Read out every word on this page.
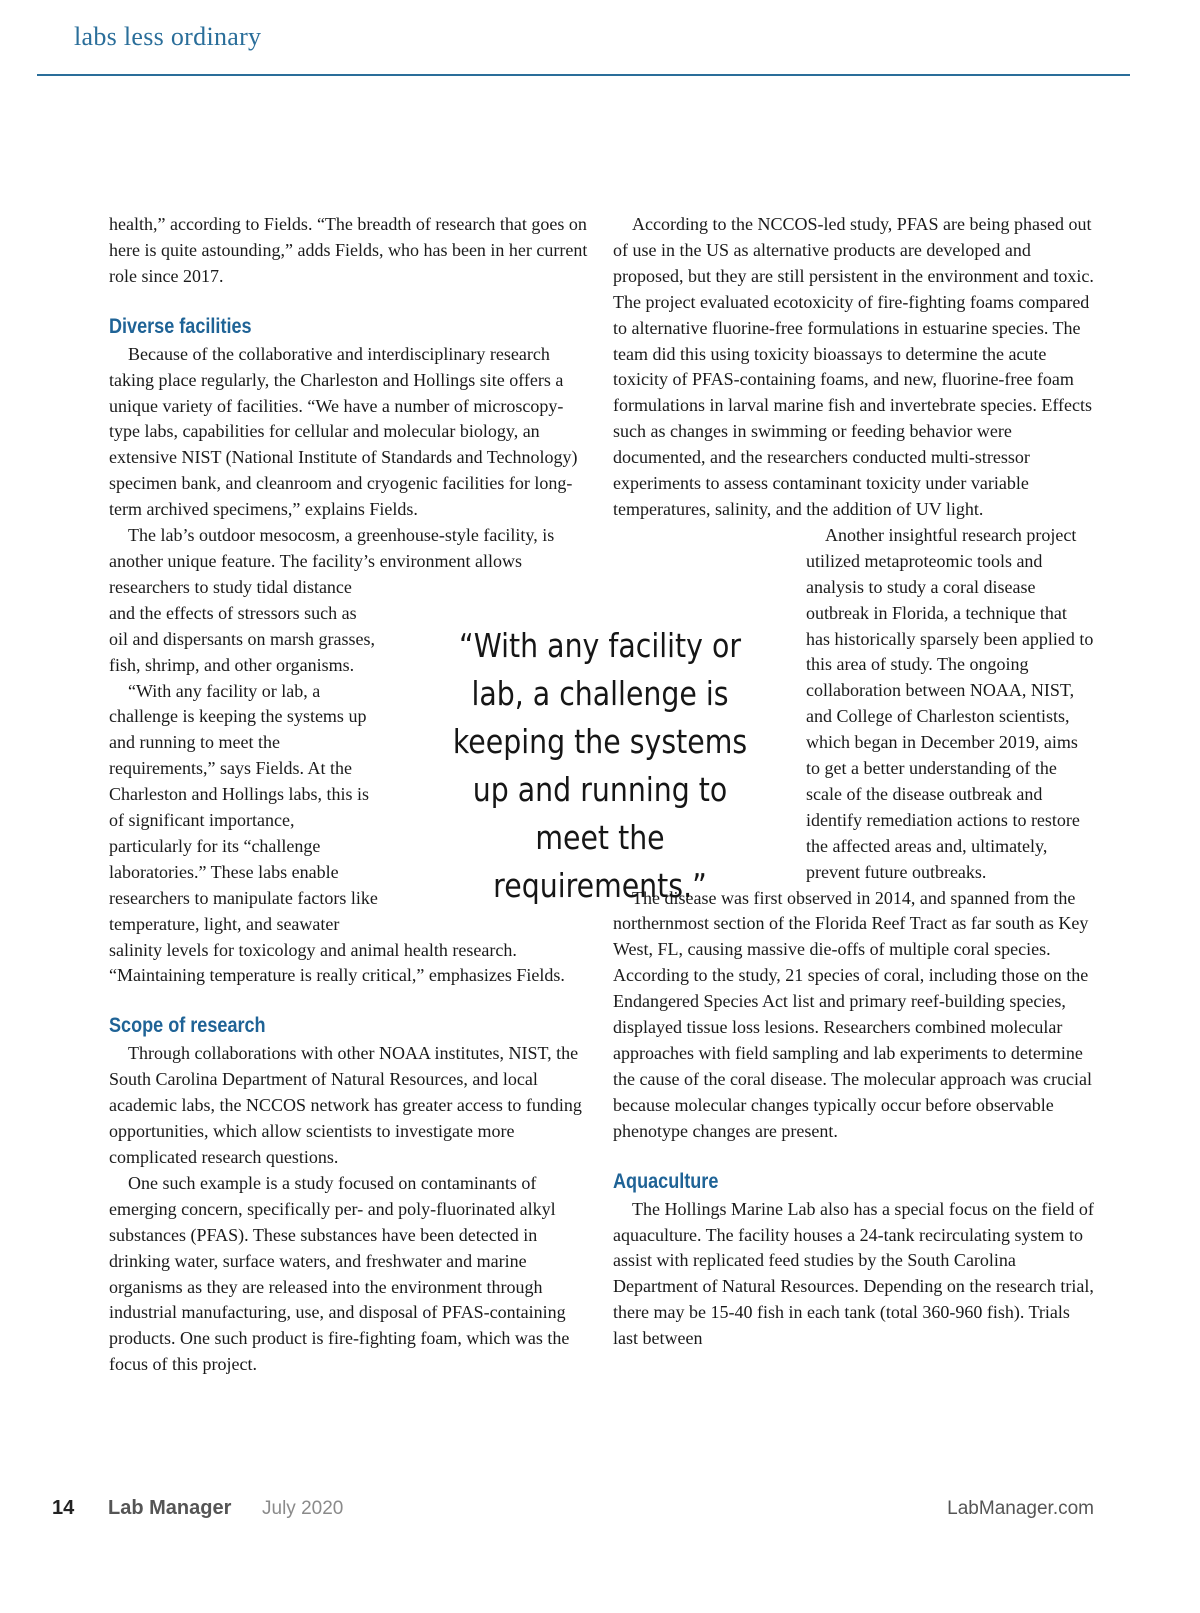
labs less ordinary

health,” according to Fields. “The breadth of research that goes on here is quite astounding,” adds Fields, who has been in her current role since 2017.

Diverse facilities

Because of the collaborative and interdisciplinary research taking place regularly, the Charleston and Hollings site offers a unique variety of facilities. “We have a number of microscopy-type labs, capabilities for cellular and molecular biology, an extensive NIST (National Institute of Standards and Technology) specimen bank, and cleanroom and cryogenic facilities for long-term archived specimens,” explains Fields.

The lab’s outdoor mesocosm, a greenhouse-style facility, is another unique feature. The facility’s environment allows researchers to study tidal distance and the effects of stressors such as oil and dispersants on marsh grasses, fish, shrimp, and other organisms.

“With any facility or lab, a challenge is keeping the systems up and running to meet the requirements,” says Fields. At the Charleston and Hollings labs, this is of significant importance, particularly for its “challenge laboratories.” These labs enable researchers to manipulate factors like temperature, light, and seawater salinity levels for toxicology and animal health research. “Maintaining temperature is really critical,” emphasizes Fields.

Scope of research

Through collaborations with other NOAA institutes, NIST, the South Carolina Department of Natural Resources, and local academic labs, the NCCOS network has greater access to funding opportunities, which allow scientists to investigate more complicated research questions.

One such example is a study focused on contaminants of emerging concern, specifically per- and poly-fluorinated alkyl substances (PFAS). These substances have been detected in drinking water, surface waters, and freshwater and marine organisms as they are released into the environment through industrial manufacturing, use, and disposal of PFAS-containing products. One such product is fire-fighting foam, which was the focus of this project.

According to the NCCOS-led study, PFAS are being phased out of use in the US as alternative products are developed and proposed, but they are still persistent in the environment and toxic. The project evaluated ecotoxicity of fire-fighting foams compared to alternative fluorine-free formulations in estuarine species. The team did this using toxicity bioassays to determine the acute toxicity of PFAS-containing foams, and new, fluorine-free foam formulations in larval marine fish and invertebrate species. Effects such as changes in swimming or feeding behavior were documented, and the researchers conducted multi-stressor experiments to assess contaminant toxicity under variable temperatures, salinity, and the addition of UV light.

Another insightful research project utilized metaproteomic tools and analysis to study a coral disease outbreak in Florida, a technique that has historically sparsely been applied to this area of study. The ongoing collaboration between NOAA, NIST, and College of Charleston scientists, which began in December 2019, aims to get a better understanding of the scale of the disease outbreak and identify remediation actions to restore the affected areas and, ultimately, prevent future outbreaks.

The disease was first observed in 2014, and spanned from the northernmost section of the Florida Reef Tract as far south as Key West, FL, causing massive die-offs of multiple coral species. According to the study, 21 species of coral, including those on the Endangered Species Act list and primary reef-building species, displayed tissue loss lesions. Researchers combined molecular approaches with field sampling and lab experiments to determine the cause of the coral disease. The molecular approach was crucial because molecular changes typically occur before observable phenotype changes are present.

Aquaculture

The Hollings Marine Lab also has a special focus on the field of aquaculture. The facility houses a 24-tank recirculating system to assist with replicated feed studies by the South Carolina Department of Natural Resources. Depending on the research trial, there may be 15-40 fish in each tank (total 360-960 fish). Trials last between

“With any facility or lab, a challenge is keeping the systems up and running to meet the requirements.”
14 Lab Manager July 2020	LabManager.com
